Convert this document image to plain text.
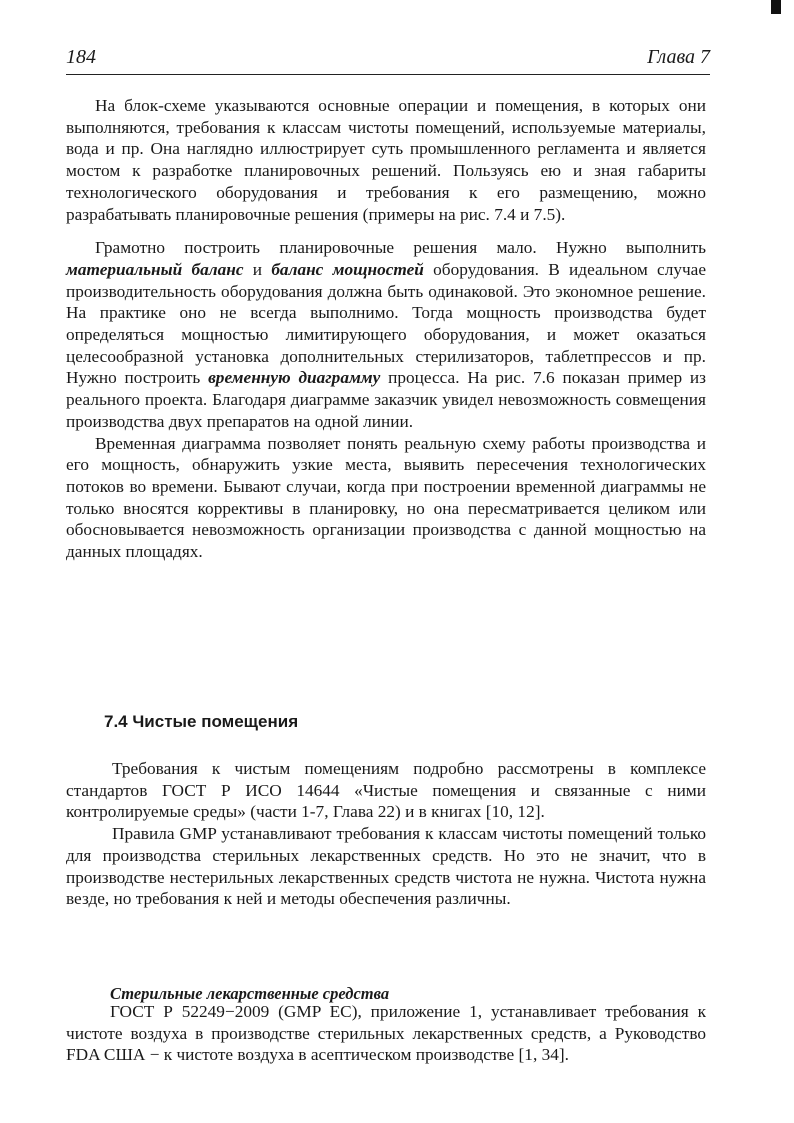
184	Глава 7

На блок-схеме указываются основные операции и помещения, в которых они выполняются, требования к классам чистоты помещений, используемые материалы, вода и пр. Она наглядно иллюстрирует суть промышленного регламента и является мостом к разработке планировочных решений. Пользуясь ею и зная габариты технологического оборудования и требования к его размещению, можно разрабатывать планировочные решения (примеры на рис. 7.4 и 7.5).

Грамотно построить планировочные решения мало. Нужно выполнить материальный баланс и баланс мощностей оборудования. В идеальном случае производительность оборудования должна быть одинаковой. Это экономное решение. На практике оно не всегда выполнимо. Тогда мощность производства будет определяться мощностью лимитирующего оборудования, и может оказаться целесообразной установка дополнительных стерилизаторов, таблетпрессов и пр. Нужно построить временную диаграмму процесса. На рис. 7.6 показан пример из реального проекта. Благодаря диаграмме заказчик увидел невозможность совмещения производства двух препаратов на одной линии.

Временная диаграмма позволяет понять реальную схему работы производства и его мощность, обнаружить узкие места, выявить пересечения технологических потоков во времени. Бывают случаи, когда при построении временной диаграммы не только вносятся коррективы в планировку, но она пересматривается целиком или обосновывается невозможность организации производства с данной мощностью на данных площадях.

7.4 Чистые помещения

Требования к чистым помещениям подробно рассмотрены в комплексе стандартов ГОСТ Р ИСО 14644 «Чистые помещения и связанные с ними контролируемые среды» (части 1-7, Глава 22) и в книгах [10, 12].

Правила GMP устанавливают требования к классам чистоты помещений только для производства стерильных лекарственных средств. Но это не значит, что в производстве нестерильных лекарственных средств чистота не нужна. Чистота нужна везде, но требования к ней и методы обеспечения различны.

Стерильные лекарственные средства

ГОСТ Р 52249−2009 (GMP ЕС), приложение 1, устанавливает требования к чистоте воздуха в производстве стерильных лекарственных средств, а Руководство FDA США − к чистоте воздуха в асептическом производстве [1, 34].
